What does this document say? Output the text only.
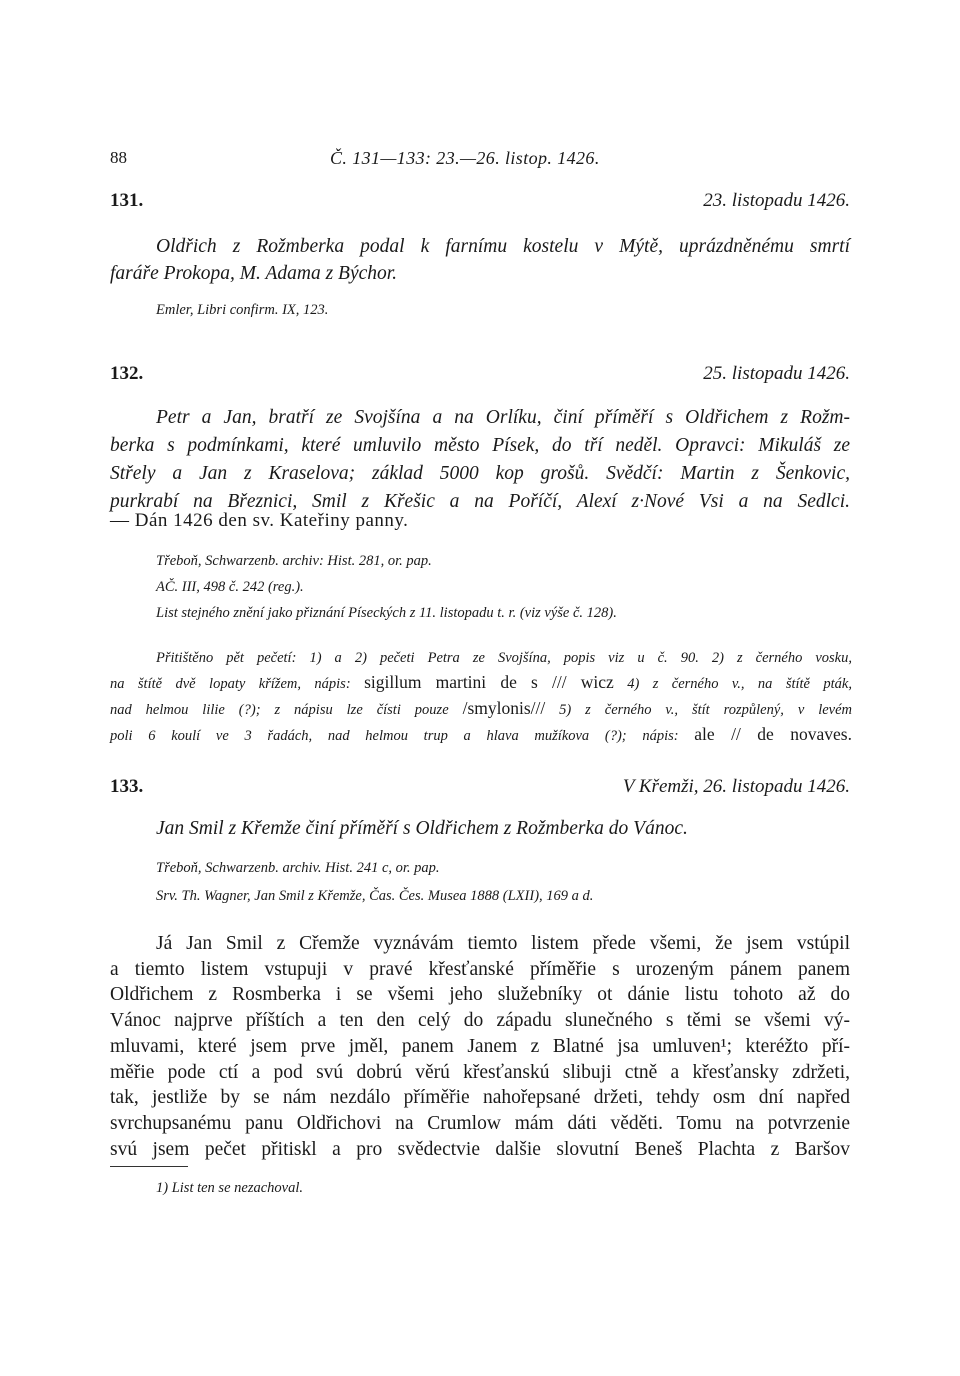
88	Č. 131—133: 23.—26. listop. 1426.
131.	23. listopadu 1426.
Oldřich z Rožmberka podal k farnímu kostelu v Mýtě, uprázdněnému smrtí
faráře Prokopa, M. Adama z Býchor.
Emler, Libri confirm. IX, 123.
132.	25. listopadu 1426.
Petr a Jan, bratří ze Svojšína a na Orlíku, činí příměří s Oldřichem z Rožm-
berka s podmínkami, které umluvilo město Písek, do tří neděl. Opravci: Mikuláš ze
Střely a Jan z Kraselova; základ 5000 kop grošů. Svědčí: Martin z Šenkovic,
purkrabí na Březnici, Smil z Křešic a na Poříčí, Alexí z·Nové Vsi a na Sedlci.
— Dán 1426 den sv. Kateřiny panny.
Třeboň, Schwarzenb. archiv: Hist. 281, or. pap.
AČ. III, 498 č. 242 (reg.).
List stejného znění jako přiznání Píseckých z 11. listopadu t. r. (viz výše č. 128).
Přitištěno pět pečetí: 1) a 2) pečeti Petra ze Svojšína, popis viz u č. 90. 2) z černého vosku,
na štítě dvě lopaty křížem, nápis: sigillum martini de s /// wicz 4) z černého v., na štítě pták,
nad helmou lilie (?); z nápisu lze čísti pouze /smylonis/// 5) z černého v., štít rozpůlený, v levém
poli 6 koulí ve 3 řadách, nad helmou trup a hlava mužíkova (?); nápis: ale // de novaves.
133.	V Křemži, 26. listopadu 1426.
Jan Smil z Křemže činí příměří s Oldřichem z Rožmberka do Vánoc.
Třeboň, Schwarzenb. archiv. Hist. 241 c, or. pap.
Srv. Th. Wagner, Jan Smil z Křemže, Čas. Čes. Musea 1888 (LXII), 169 a d.
Já Jan Smil z Cřemže vyznávám tiemto listem přede všemi, že jsem vstúpil
a tiemto listem vstupuji v pravé křesťanské příměřie s urozeným pánem panem
Oldřichem z Rosmberka i se všemi jeho služebníky ot dánie listu tohoto až do
Vánoc najprve příštích a ten den celý do západu slunečného s těmi se všemi vý-
mluvami, které jsem prve jměl, panem Janem z Blatné jsa umluven¹; kteréžto pří-
měřie pode ctí a pod svú dobrú věrú křesťanskú slibuji ctně a křesťansky zdržeti,
tak, jestliže by se nám nezdálo příměřie nahořepsané držeti, tehdy osm dní napřed
svrchupsanému panu Oldřichovi na Crumlow mám dáti věděti. Tomu na potvrzenie
svú jsem pečet přitiskl a pro svědectvie dalšie slovutní Beneš Plachta z Baršov
1) List ten se nezachoval.
